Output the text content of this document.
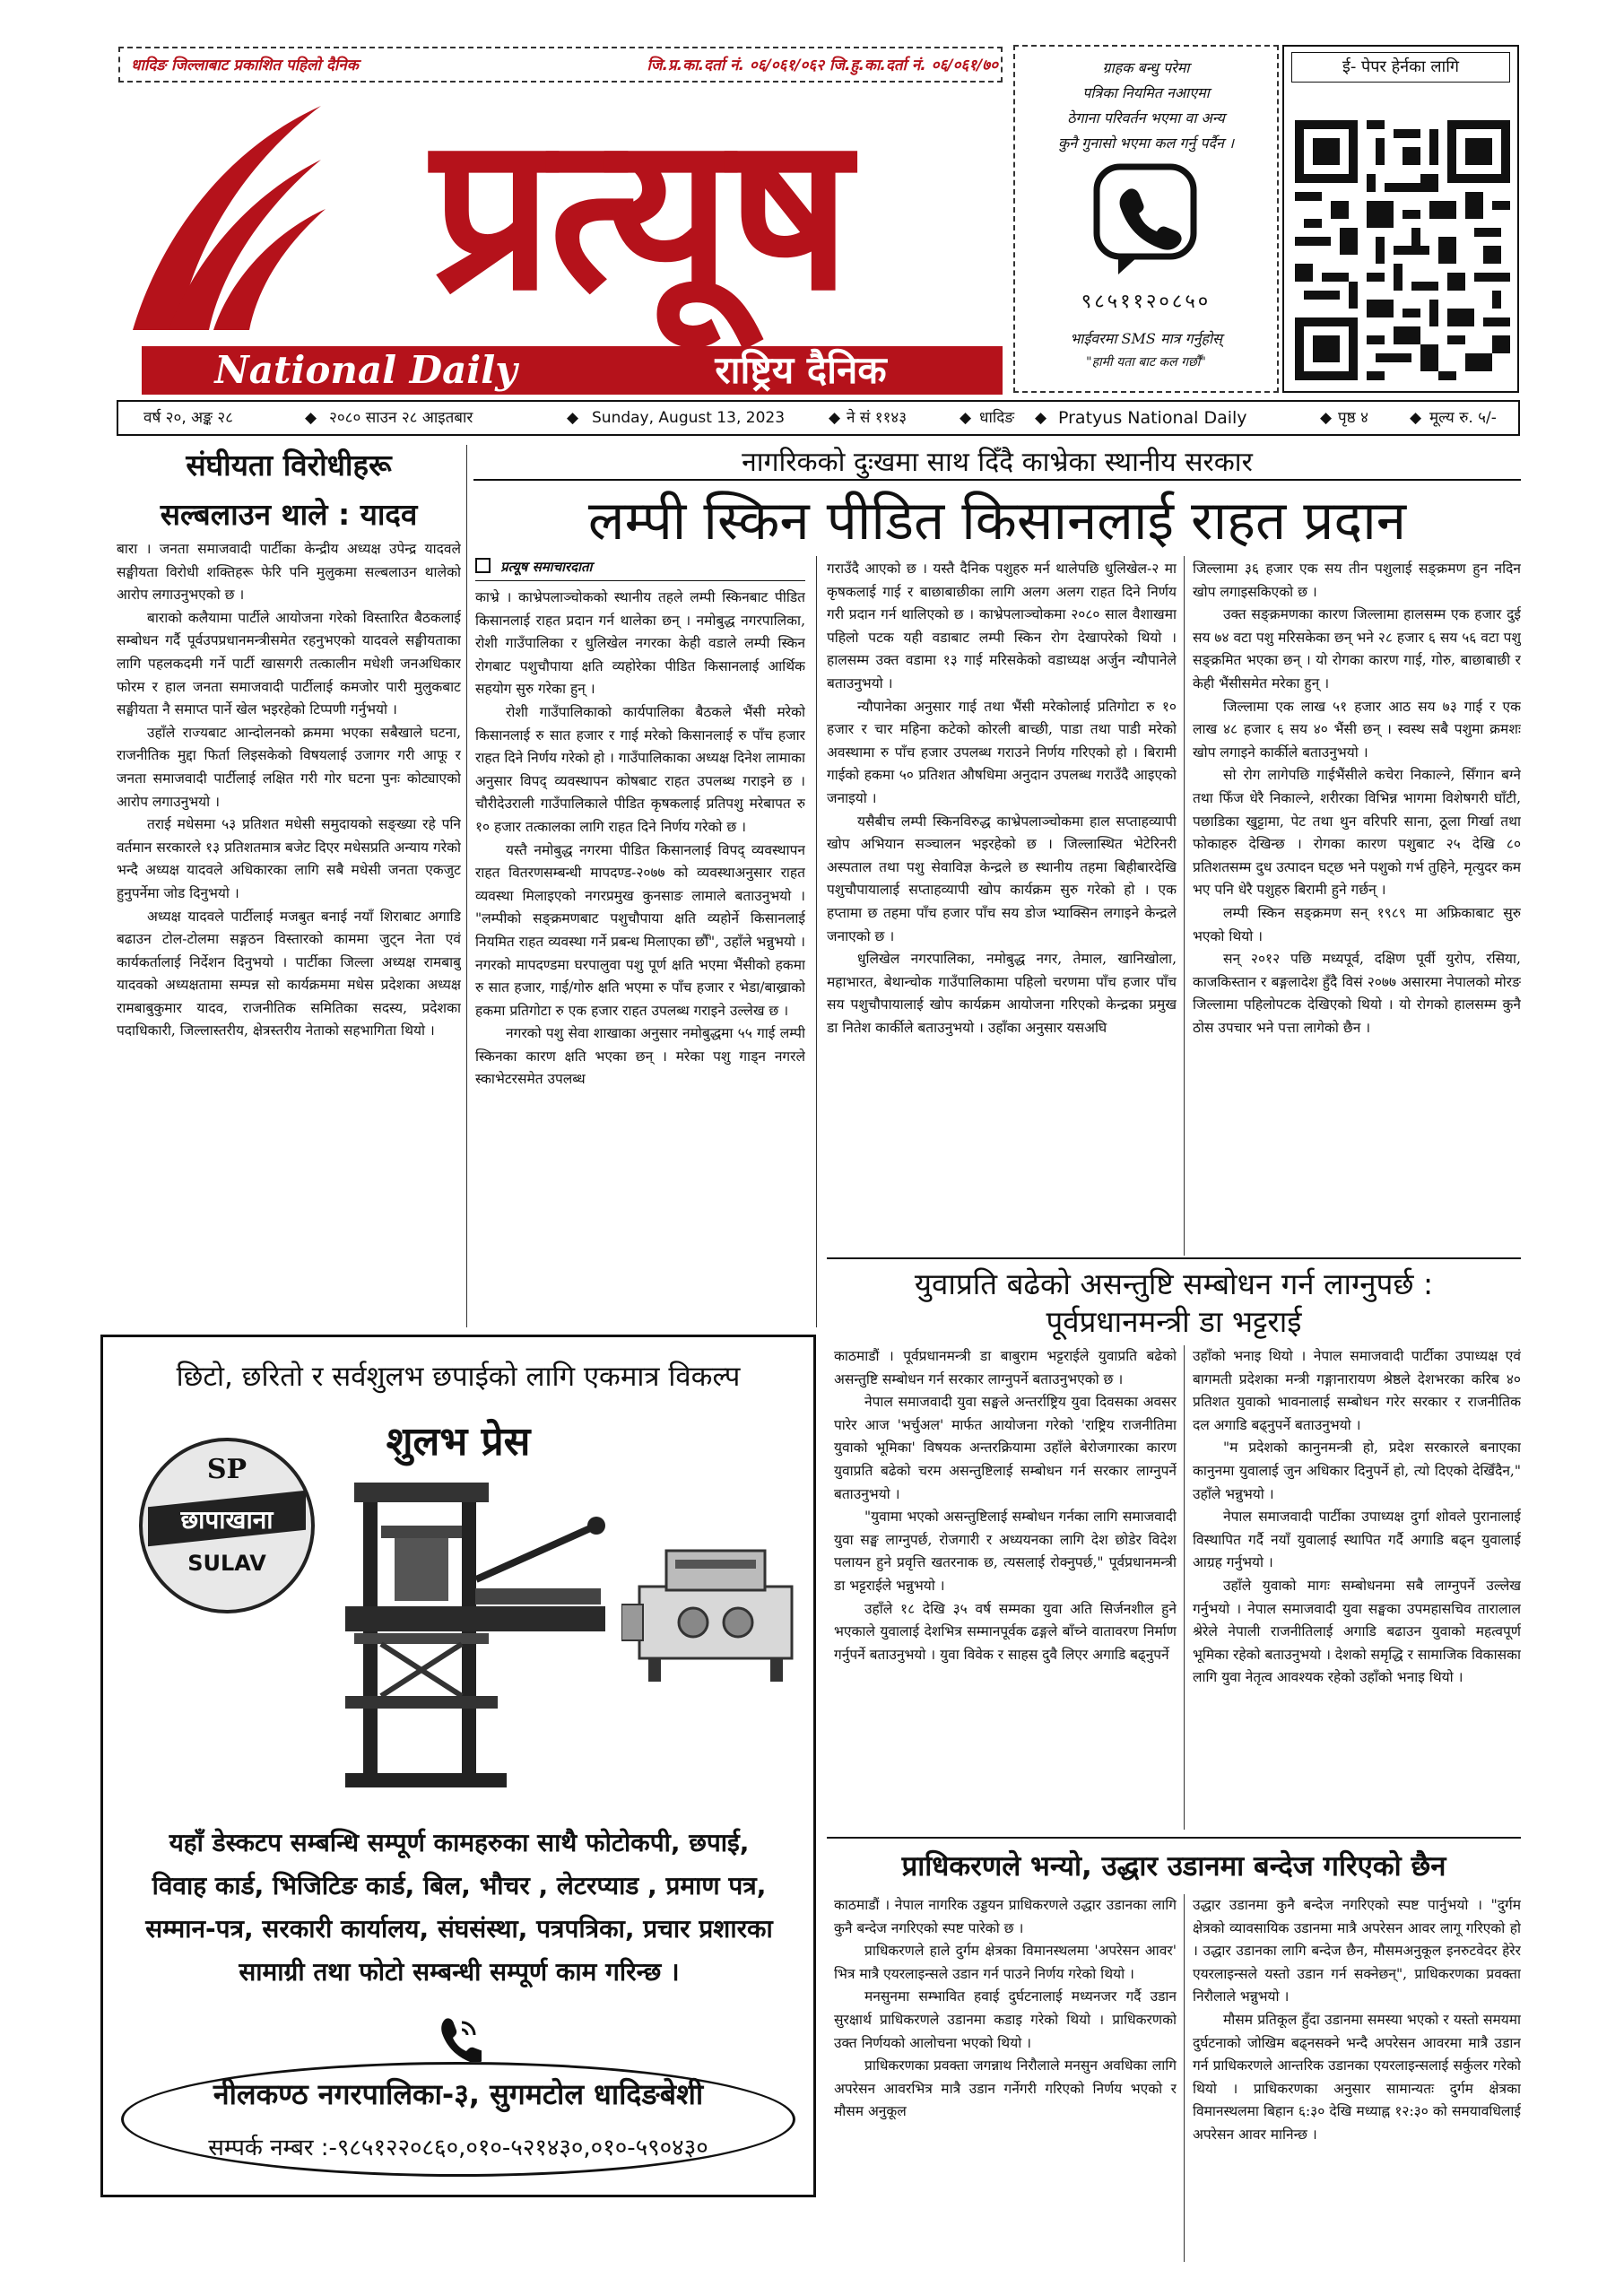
धादिङ जिल्लाबाट प्रकाशित पहिलो दैनिक	जि.प्र.का.दर्ता नं. ०६/०६१/०६२ जि.हु.का.दर्ता नं. ०६/०६१/७०
प्रत्यूष
National Daily	राष्ट्रिय दैनिक
ग्राहक बन्धु परेमा
पत्रिका नियमित नआएमा
ठेगाना परिवर्तन भएमा वा अन्य
कुनै गुनासो भएमा कल गर्नु पर्दैन ।
९८५११२०८५०
भाईवरमा SMS मात्र गर्नुहोस्
"हामी यता बाट कल गर्छौं"
ई- पेपर हेर्नका लागि
वर्ष २०, अङ्क २८	◆ २०८० साउन २८ आइतबार	◆ Sunday, August 13, 2023	◆ ने सं ११४३	◆ धादिङ ◆ Pratyus National Daily	◆ पृष्ठ ४	◆ मूल्य रु. ५/-
संघीयता विरोधीहरू
सल्बलाउन थाले : यादव

बारा । जनता समाजवादी पार्टीका केन्द्रीय अध्यक्ष उपेन्द्र यादवले सङ्घीयता विरोधी शक्तिहरू फेरि पनि मुलुकमा सल्बलाउन थालेको आरोप लगाउनुभएको छ ।

बाराको कलैयामा पार्टीले आयोजना गरेको विस्तारित बैठकलाई सम्बोधन गर्दै पूर्वउपप्रधानमन्त्रीसमेत रहनुभएको यादवले सङ्घीयताका लागि पहलकदमी गर्ने पार्टी खासगरी तत्कालीन मधेशी जनअधिकार फोरम र हाल जनता समाजवादी पार्टीलाई कमजोर पारी मुलुकबाट सङ्घीयता नै समाप्त पार्ने खेल भइरहेको टिप्पणी गर्नुभयो ।

उहाँले राज्यबाट आन्दोलनको क्रममा भएका सबैखाले घटना, राजनीतिक मुद्दा फिर्ता लिइसकेको विषयलाई उजागर गरी आफू र जनता समाजवादी पार्टीलाई लक्षित गरी गोर घटना पुनः कोट्याएको आरोप लगाउनुभयो ।

तराई मधेसमा ५३ प्रतिशत मधेसी समुदायको सङ्ख्या रहे पनि वर्तमान सरकारले १३ प्रतिशतमात्र बजेट दिएर मधेसप्रति अन्याय गरेको भन्दै अध्यक्ष यादवले अधिकारका लागि सबै मधेसी जनता एकजुट हुनुपर्नेमा जोड दिनुभयो ।

अध्यक्ष यादवले पार्टीलाई मजबुत बनाई नयाँ शिराबाट अगाडि बढाउन टोल-टोलमा सङ्गठन विस्तारको काममा जुट्न नेता एवं कार्यकर्तालाई निर्देशन दिनुभयो । पार्टीका जिल्ला अध्यक्ष रामबाबु यादवको अध्यक्षतामा सम्पन्न सो कार्यक्रममा मधेस प्रदेशका अध्यक्ष रामबाबुकुमार यादव, राजनीतिक समितिका सदस्य, प्रदेशका पदाधिकारी, जिल्लास्तरीय, क्षेत्रस्तरीय नेताको सहभागिता थियो ।

नागरिकको दुःखमा साथ दिँदै काभ्रेका स्थानीय सरकार
लम्पी स्किन पीडित किसानलाई राहत प्रदान
प्रत्यूष समाचारदाता

काभ्रे । काभ्रेपलाञ्चोकको स्थानीय तहले लम्पी स्किनबाट पीडित किसानलाई राहत प्रदान गर्न थालेका छन् । नमोबुद्ध नगरपालिका, रोशी गाउँपालिका र धुलिखेल नगरका केही वडाले लम्पी स्किन रोगबाट पशुचौपाया क्षति व्यहोरेका पीडित किसानलाई आर्थिक सहयोग सुरु गरेका हुन् ।

रोशी गाउँपालिकाको कार्यपालिका बैठकले भैंसी मरेको किसानलाई रु सात हजार र गाई मरेको किसानलाई रु पाँच हजार राहत दिने निर्णय गरेको हो । गाउँपालिकाका अध्यक्ष दिनेश लामाका अनुसार विपद् व्यवस्थापन कोषबाट राहत उपलब्ध गराइने छ । चौरीदेउराली गाउँपालिकाले पीडित कृषकलाई प्रतिपशु मरेबापत रु १० हजार तत्कालका लागि राहत दिने निर्णय गरेको छ ।

यस्तै नमोबुद्ध नगरमा पीडित किसानलाई विपद् व्यवस्थापन राहत वितरणसम्बन्धी मापदण्ड-२०७७ को व्यवस्थाअनुसार राहत व्यवस्था मिलाइएको नगरप्रमुख कुनसाङ लामाले बताउनुभयो । "लम्पीको सङ्क्रमणबाट पशुचौपाया क्षति व्यहोर्ने किसानलाई नियमित राहत व्यवस्था गर्ने प्रबन्ध मिलाएका छौँ", उहाँले भन्नुभयो । नगरको मापदण्डमा घरपालुवा पशु पूर्ण क्षति भएमा भैंसीको हकमा रु सात हजार, गाई/गोरु क्षति भएमा रु पाँच हजार र भेडा/बाख्राको हकमा प्रतिगोटा रु एक हजार राहत उपलब्ध गराइने उल्लेख छ ।

नगरको पशु सेवा शाखाका अनुसार नमोबुद्धमा ५५ गाई लम्पी स्किनका कारण क्षति भएका छन् । मरेका पशु गाड्न नगरले स्काभेटरसमेत उपलब्ध

गराउँदै आएको छ । यस्तै दैनिक पशुहरु मर्न थालेपछि धुलिखेल-२ मा कृषकलाई गाई र बाछाबाछीका लागि अलग अलग राहत दिने निर्णय गरी प्रदान गर्न थालिएको छ । काभ्रेपलाञ्चोकमा २०८० साल वैशाखमा पहिलो पटक यही वडाबाट लम्पी स्किन रोग देखापरेको थियो । हालसम्म उक्त वडामा १३ गाई मरिसकेको वडाध्यक्ष अर्जुन न्यौपानेले बताउनुभयो ।

न्यौपानेका अनुसार गाई तथा भैंसी मरेकोलाई प्रतिगोटा रु १० हजार र चार महिना कटेको कोरली बाच्छी, पाडा तथा पाडी मरेको अवस्थामा रु पाँच हजार उपलब्ध गराउने निर्णय गरिएको हो । बिरामी गाईको हकमा ५० प्रतिशत औषधिमा अनुदान उपलब्ध गराउँदै आइएको जनाइयो ।

यसैबीच लम्पी स्किनविरुद्ध काभ्रेपलाञ्चोकमा हाल सप्ताहव्यापी खोप अभियान सञ्चालन भइरहेको छ । जिल्लास्थित भेटेरिनरी अस्पताल तथा पशु सेवाविज्ञ केन्द्रले छ स्थानीय तहमा बिहीबारदेखि पशुचौपायालाई सप्ताहव्यापी खोप कार्यक्रम सुरु गरेको हो । एक हप्तामा छ तहमा पाँच हजार पाँच सय डोज भ्याक्सिन लगाइने केन्द्रले जनाएको छ ।

धुलिखेल नगरपालिका, नमोबुद्ध नगर, तेमाल, खानिखोला, महाभारत, बेथान्चोक गाउँपालिकामा पहिलो चरणमा पाँच हजार पाँच सय पशुचौपायालाई खोप कार्यक्रम आयोजना गरिएको केन्द्रका प्रमुख डा नितेश कार्कीले बताउनुभयो । उहाँका अनुसार यसअघि

जिल्लामा ३६ हजार एक सय तीन पशुलाई सङ्क्रमण हुन नदिन खोप लगाइसकिएको छ ।

उक्त सङ्क्रमणका कारण जिल्लामा हालसम्म एक हजार दुई सय ७४ वटा पशु मरिसकेका छन् भने २८ हजार ६ सय ५६ वटा पशु सङ्क्रमित भएका छन् । यो रोगका कारण गाई, गोरु, बाछाबाछी र केही भैंसीसमेत मरेका हुन् ।

जिल्लामा एक लाख ५१ हजार आठ सय ७३ गाई र एक लाख ४८ हजार ६ सय ४० भैंसी छन् । स्वस्थ सबै पशुमा क्रमशः खोप लगाइने कार्कीले बताउनुभयो ।

सो रोग लागेपछि गाईभैंसीले कचेरा निकाल्ने, सिँगान बग्ने तथा फिँज धेरै निकाल्ने, शरीरका विभिन्न भागमा विशेषगरी घाँटी, पछाडिका खुट्टामा, पेट तथा थुन वरिपरि साना, ठूला गिर्खा तथा फोकाहरु देखिन्छ । रोगका कारण पशुबाट २५ देखि ८० प्रतिशतसम्म दुध उत्पादन घट्छ भने पशुको गर्भ तुहिने, मृत्युदर कम भए पनि धेरै पशुहरु बिरामी हुने गर्छन् ।

लम्पी स्किन सङ्क्रमण सन् १९८९ मा अफ्रिकाबाट सुरु भएको थियो ।

सन् २०१२ पछि मध्यपूर्व, दक्षिण पूर्वी युरोप, रसिया, काजकिस्तान र बङ्गलादेश हुँदै विसं २०७७ असारमा नेपालको मोरङ जिल्लामा पहिलोपटक देखिएको थियो । यो रोगको हालसम्म कुनै ठोस उपचार भने पत्ता लागेको छैन ।

छिटो, छरितो र सर्वशुलभ छपाईको लागि एकमात्र विकल्प
शुलभ प्रेस
SP
छापाखाना
SULAV
यहाँ डेस्कटप सम्बन्धि सम्पूर्ण कामहरुका साथै फोटोकपी, छपाई, विवाह कार्ड, भिजिटिङ कार्ड, बिल, भौचर , लेटरप्याड , प्रमाण पत्र, सम्मान-पत्र, सरकारी कार्यालय, संघसंस्था, पत्रपत्रिका, प्रचार प्रशारका सामाग्री तथा फोटो सम्बन्धी सम्पूर्ण काम गरिन्छ ।
नीलकण्ठ नगरपालिका-३, सुगमटोल धादिङबेशी
सम्पर्क नम्बर :-९८५१२२०८६०,०१०-५२१४३०,०१०-५९०४३०
युवाप्रति बढेको असन्तुष्टि सम्बोधन गर्न लाग्नुपर्छ :
पूर्वप्रधानमन्त्री डा भट्टराई

काठमाडौं । पूर्वप्रधानमन्त्री डा बाबुराम भट्टराईले युवाप्रति बढेको असन्तुष्टि सम्बोधन गर्न सरकार लाग्नुपर्ने बताउनुभएको छ ।

नेपाल समाजवादी युवा सङ्घले अन्तर्राष्ट्रिय युवा दिवसका अवसर पारेर आज 'भर्चुअल' मार्फत आयोजना गरेको 'राष्ट्रिय राजनीतिमा युवाको भूमिका' विषयक अन्तरक्रियामा उहाँले बेरोजगारका कारण युवाप्रति बढेको चरम असन्तुष्टिलाई सम्बोधन गर्न सरकार लाग्नुपर्ने बताउनुभयो ।

"युवामा भएको असन्तुष्टिलाई सम्बोधन गर्नका लागि समाजवादी युवा सङ्घ लाग्नुपर्छ, रोजगारी र अध्ययनका लागि देश छोडेर विदेश पलायन हुने प्रवृत्ति खतरनाक छ, त्यसलाई रोक्नुपर्छ," पूर्वप्रधानमन्त्री डा भट्टराईले भन्नुभयो ।

उहाँले १८ देखि ३५ वर्ष सम्मका युवा अति सिर्जनशील हुने भएकाले युवालाई देशभित्र सम्मानपूर्वक ढङ्गले बाँच्ने वातावरण निर्माण गर्नुपर्ने बताउनुभयो । युवा विवेक र साहस दुवै लिएर अगाडि बढ्नुपर्ने

उहाँको भनाइ थियो । नेपाल समाजवादी पार्टीका उपाध्यक्ष एवं बागमती प्रदेशका मन्त्री गङ्गानारायण श्रेष्ठले देशभरका करिब ४० प्रतिशत युवाको भावनालाई सम्बोधन गरेर सरकार र राजनीतिक दल अगाडि बढ्नुपर्ने बताउनुभयो ।

"म प्रदेशको कानुनमन्त्री हो, प्रदेश सरकारले बनाएका कानुनमा युवालाई जुन अधिकार दिनुपर्ने हो, त्यो दिएको देखिँदैन," उहाँले भन्नुभयो ।

नेपाल समाजवादी पार्टीका उपाध्यक्ष दुर्गा शोवले पुरानालाई विस्थापित गर्दै नयाँ युवालाई स्थापित गर्दै अगाडि बढ्न युवालाई आग्रह गर्नुभयो ।

उहाँले युवाको मागः सम्बोधनमा सबै लाग्नुपर्ने उल्लेख गर्नुभयो । नेपाल समाजवादी युवा सङ्घका उपमहासचिव तारालाल श्रेरेले नेपाली राजनीतिलाई अगाडि बढाउन युवाको महत्वपूर्ण भूमिका रहेको बताउनुभयो । देशको समृद्धि र सामाजिक विकासका लागि युवा नेतृत्व आवश्यक रहेको उहाँको भनाइ थियो ।

प्राधिकरणले भन्यो, उद्धार उडानमा बन्देज गरिएको छैन

काठमाडौं । नेपाल नागरिक उड्डयन प्राधिकरणले उद्धार उडानका लागि कुनै बन्देज नगरिएको स्पष्ट पारेको छ ।

प्राधिकरणले हाले दुर्गम क्षेत्रका विमानस्थलमा 'अपरेसन आवर' भित्र मात्रै एयरलाइन्सले उडान गर्न पाउने निर्णय गरेको थियो ।

मनसुनमा सम्भावित हवाई दुर्घटनालाई मध्यनजर गर्दै उडान सुरक्षार्थ प्राधिकरणले उडानमा कडाइ गरेको थियो । प्राधिकरणको उक्त निर्णयको आलोचना भएको थियो ।

प्राधिकरणका प्रवक्ता जगन्नाथ निरौलाले मनसुन अवधिका लागि अपरेसन आवरभित्र मात्रै उडान गर्नेगरी गरिएको निर्णय भएको र मौसम अनुकूल

उद्धार उडानमा कुनै बन्देज नगरिएको स्पष्ट पार्नुभयो । "दुर्गम क्षेत्रको व्यावसायिक उडानमा मात्रै अपरेसन आवर लागू गरिएको हो । उद्धार उडानका लागि बन्देज छैन, मौसमअनुकूल इनरुटवेदर हेरेर एयरलाइन्सले यस्तो उडान गर्न सक्नेछन्", प्राधिकरणका प्रवक्ता निरौलाले भन्नुभयो ।

मौसम प्रतिकूल हुँदा उडानमा समस्या भएको र यस्तो समयमा दुर्घटनाको जोखिम बढ्नसक्ने भन्दै अपरेसन आवरमा मात्रै उडान गर्न प्राधिकरणले आन्तरिक उडानका एयरलाइन्सलाई सर्कुलर गरेको थियो । प्राधिकरणका अनुसार सामान्यतः दुर्गम क्षेत्रका विमानस्थलमा बिहान ६:३० देखि मध्याह्न १२:३० को समयावधिलाई अपरेसन आवर मानिन्छ ।
